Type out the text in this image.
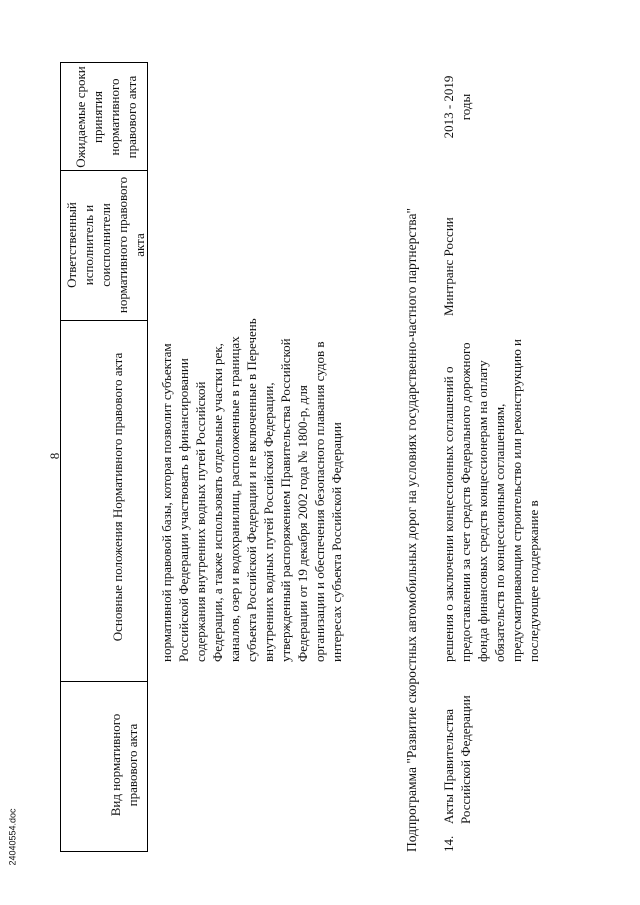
8
24040554.doc
Вид нормативного правового акта
Основные положения Нормативного правового акта
Ответственный исполнитель и соисполнители нормативного правового акта
Ожидаемые сроки принятия нормативного правового акта
нормативной правовой базы, которая позволит субъектам Российской Федерации участвовать в финансировании содержания внутренних водных путей Российской Федерации, а также использовать отдельные участки рек, каналов, озер и водохранилищ, расположенные в границах субъекта Российской Федерации и не включенные в Перечень внутренних водных путей Российской Федерации, утвержденный распоряжением Правительства Российской Федерации от 19 декабря 2002 года № 1800-р, для организации и обеспечения безопасного плавания судов в интересах субъекта Российской Федерации	Подпрограмма "Развитие скоростных автомобильных дорог на условиях государственно-частного партнерства" 14.
Акты Правительства Российской Федерации
решения о заключении концессионных соглашений о предоставлении за счет средств Федерального дорожного фонда финансовых средств концессионерам на оплату обязательств по концессионным соглашениям, предусматривающим строительство или реконструкцию и последующее поддержание в
Минтранс России
2013 - 2019 годы
